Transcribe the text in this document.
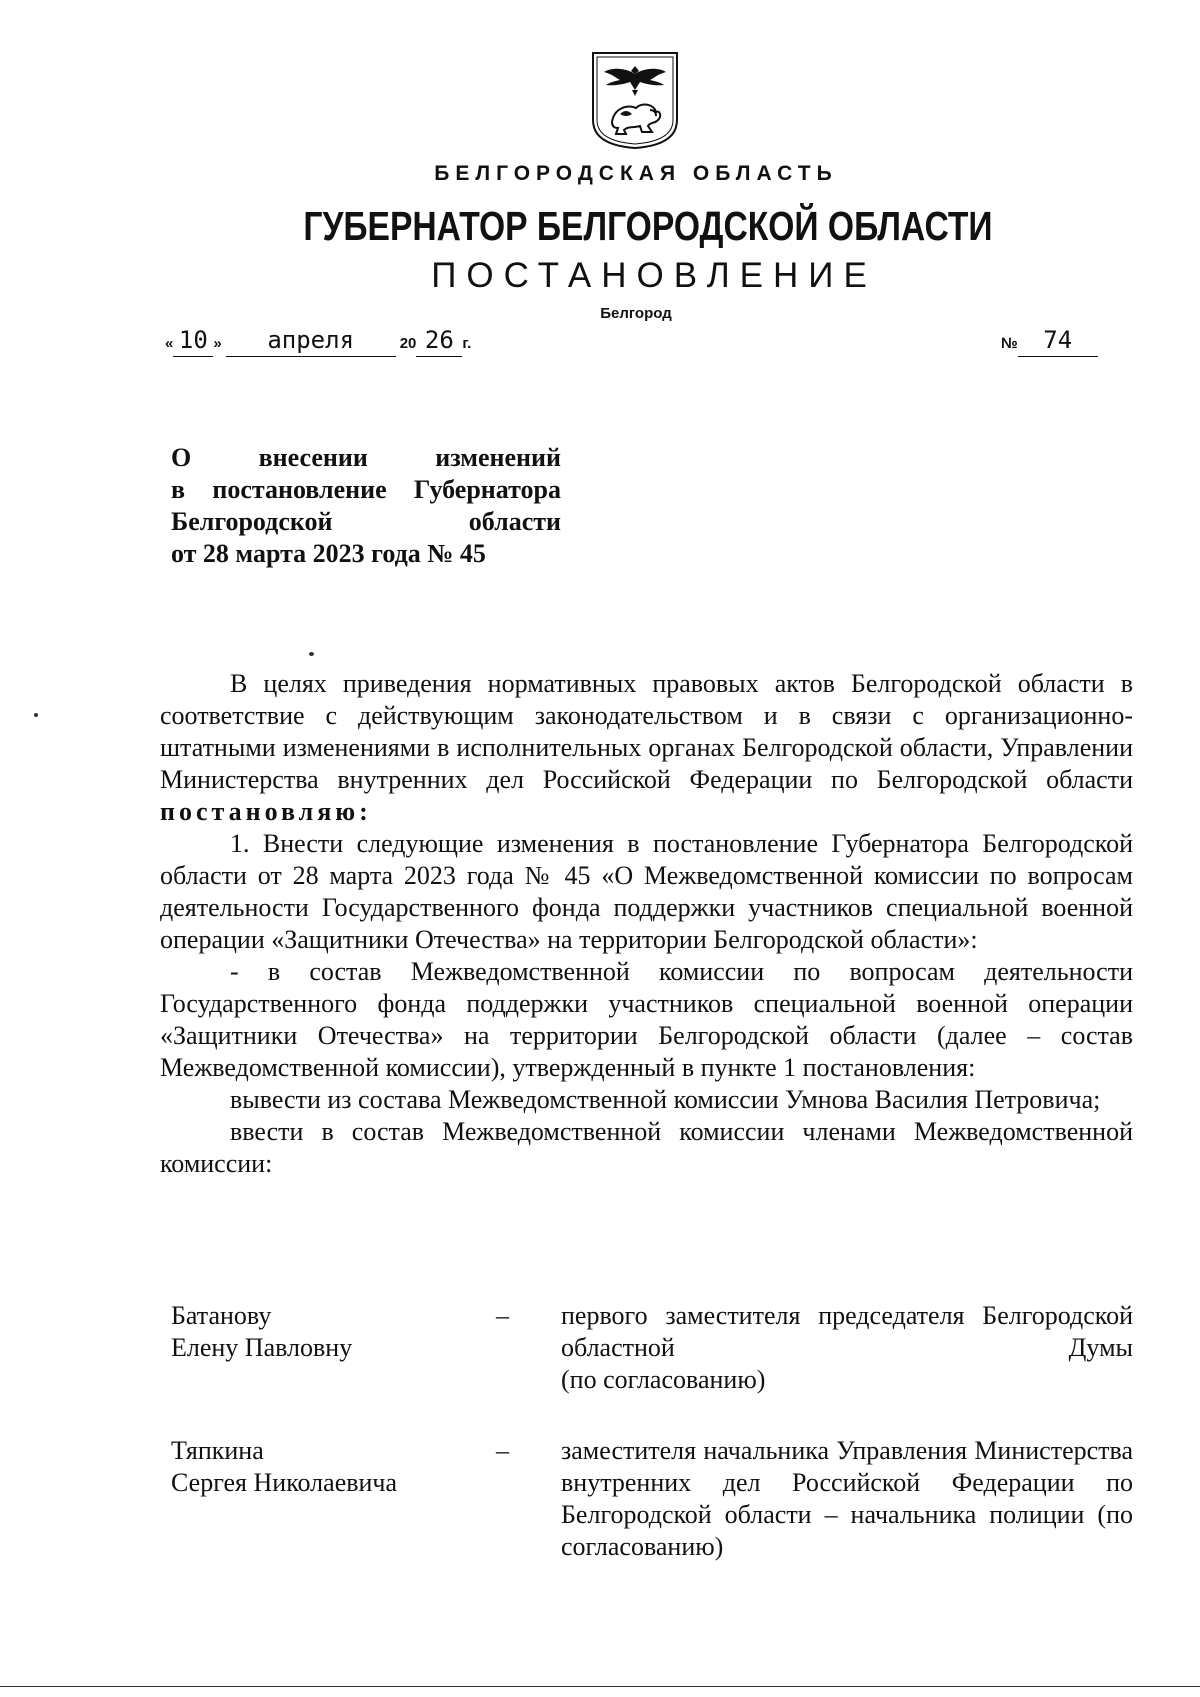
БЕЛГОРОДСКАЯ ОБЛАСТЬ
ГУБЕРНАТОР БЕЛГОРОДСКОЙ ОБЛАСТИ
ПОСТАНОВЛЕНИЕ
Белгород
« 10 » апреля	20 26 г.	№ 74
О внесении изменений
в постановление Губернатора
Белгородской области
от 28 марта 2023 года № 45

В целях приведения нормативных правовых актов Белгородской области в соответствие с действующим законодательством и в связи с организационно-штатными изменениями в исполнительных органах Белгородской области, Управлении Министерства внутренних дел Российской Федерации по Белгородской области постановляю:

1. Внести следующие изменения в постановление Губернатора Белгородской области от 28 марта 2023 года № 45 «О Межведомственной комиссии по вопросам деятельности Государственного фонда поддержки участников специальной военной операции «Защитники Отечества» на территории Белгородской области»:

- в состав Межведомственной комиссии по вопросам деятельности Государственного фонда поддержки участников специальной военной операции «Защитники Отечества» на территории Белгородской области (далее – состав Межведомственной комиссии), утвержденный в пункте 1 постановления:

вывести из состава Межведомственной комиссии Умнова Василия Петровича;

ввести в состав Межведомственной комиссии членами Межведомственной комиссии:

Батанову
Елену Павловну
– первого заместителя председателя Белгородской областной Думы
(по согласованию)
Тяпкина
Сергея Николаевича
– заместителя начальника Управления Министерства внутренних дел Российской Федерации по Белгородской области – начальника полиции (по согласованию)
